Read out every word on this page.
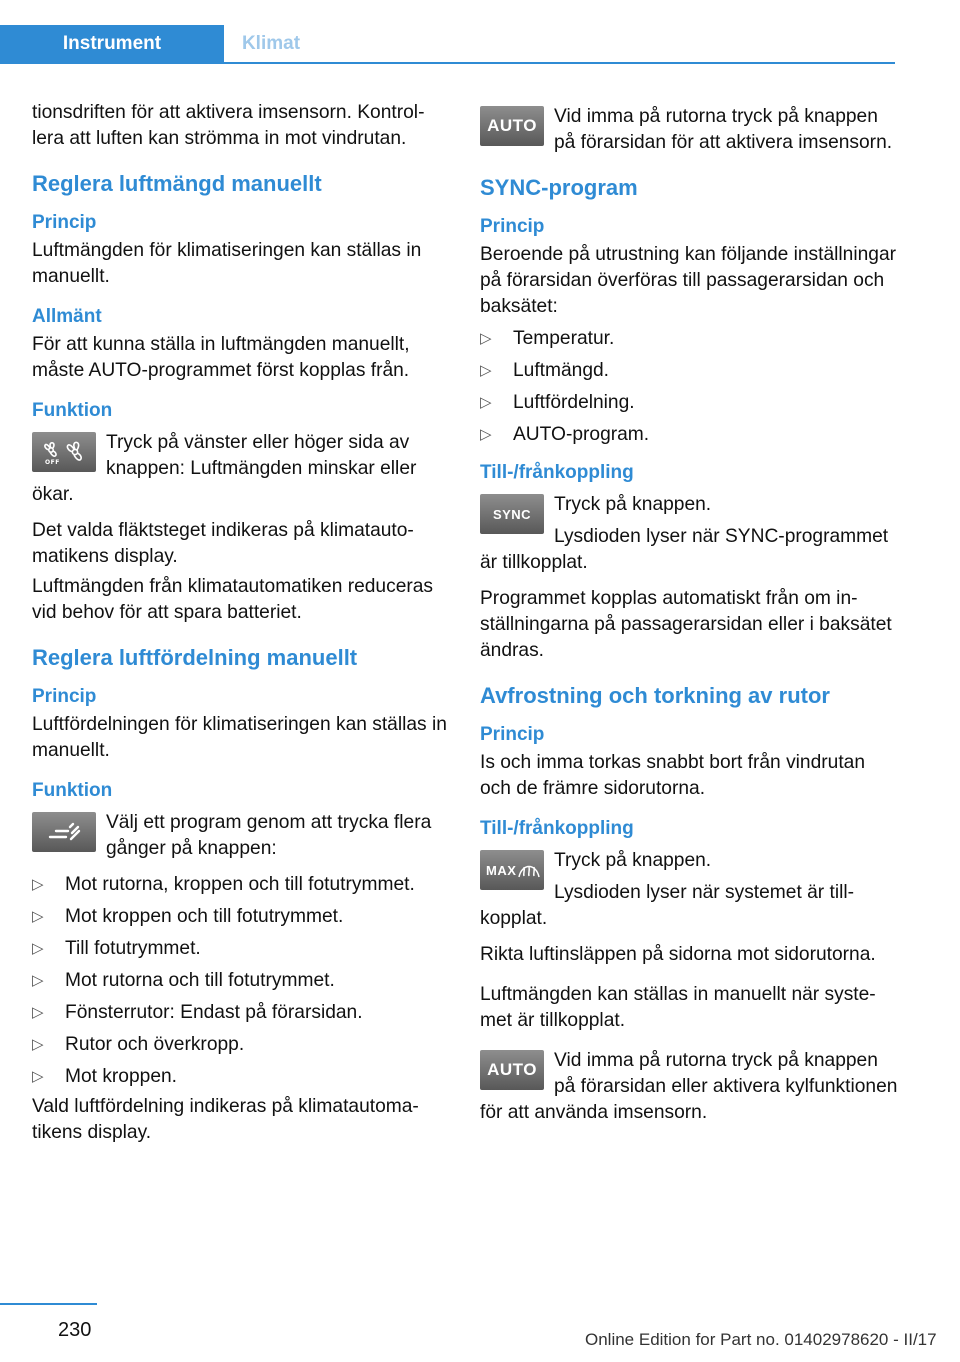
Instrument	Klimat

tionsdriften för att aktivera imsensorn. Kontrollera att luften kan strömma in mot vindrutan.

Reglera luftmängd manuellt
Princip

Luftmängden för klimatiseringen kan ställas in manuellt.

Allmänt

För att kunna ställa in luftmängden manuellt, måste AUTO-programmet först kopplas från.

Funktion
OFF

Tryck på vänster eller höger sida av knappen: Luftmängden minskar eller ökar.

Det valda fläktsteget indikeras på klimatautomatikens display.

Luftmängden från klimatautomatiken reduceras vid behov för att spara batteriet.

Reglera luftfördelning manuellt
Princip

Luftfördelningen för klimatiseringen kan ställas in manuellt.

Funktion

Välj ett program genom att trycka flera gånger på knappen:

▷ Mot rutorna, kroppen och till fotutrymmet.
▷ Mot kroppen och till fotutrymmet.
▷ Till fotutrymmet.
▷ Mot rutorna och till fotutrymmet.
▷ Fönsterrutor: Endast på förarsidan.
▷ Rutor och överkropp.
▷ Mot kroppen.

Vald luftfördelning indikeras på klimatautomatikens display.

AUTO Vid imma på rutorna tryck på knappen på förarsidan för att aktivera imsensorn.

SYNC-program
Princip

Beroende på utrustning kan följande inställningar på förarsidan överföras till passagerarsidan och baksätet:

▷ Temperatur.
▷ Luftmängd.
▷ Luftfördelning.
▷ AUTO-program.
Till-/frånkoppling
SYNC	Tryck på knappen.

Lysdioden lyser när SYNC-programmet är tillkopplat.

Programmet kopplas automatiskt från om inställningarna på passagerarsidan eller i baksätet ändras.

Avfrostning och torkning av rutor
Princip

Is och imma torkas snabbt bort från vindrutan och de främre sidorutorna.

Till-/frånkoppling
MAX	Tryck på knappen.

Lysdioden lyser när systemet är tillkopplat.

Rikta luftinsläppen på sidorna mot sidorutorna.

Luftmängden kan ställas in manuellt när systemet är tillkopplat.

AUTO Vid imma på rutorna tryck på knappen på förarsidan eller aktivera kylfunktionen för att använda imsensorn.

230	Online Edition for Part no. 01402978620 - II/17
